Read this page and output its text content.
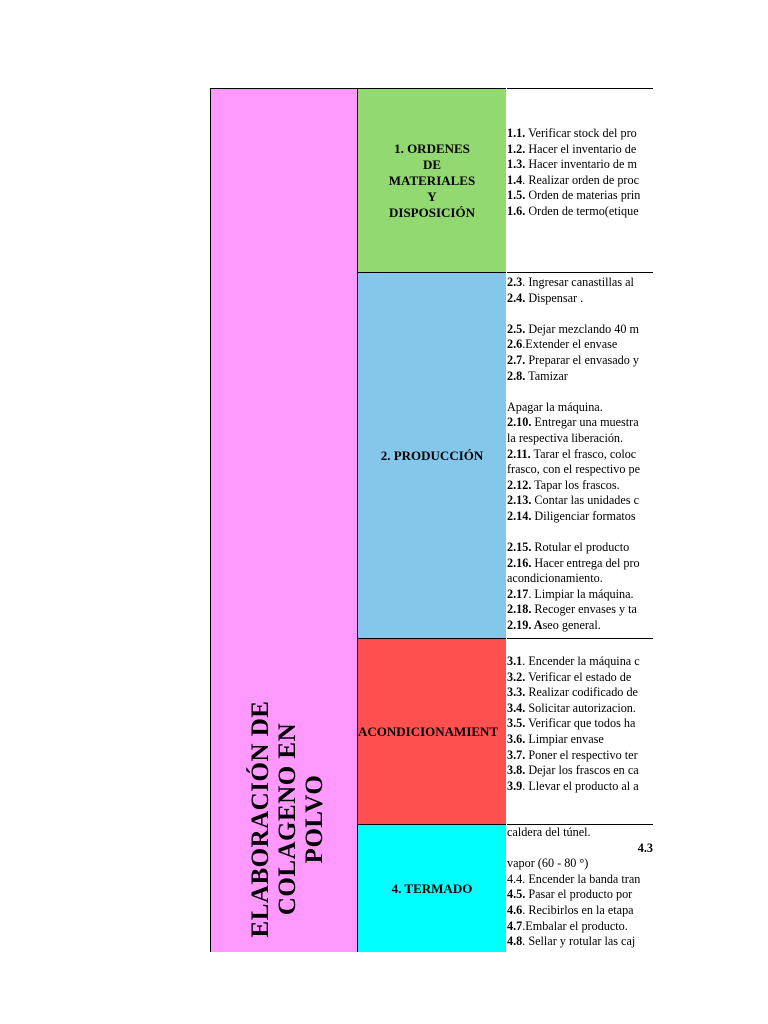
ELABORACIÓN DE COLAGENO EN POLVO
1. ORDENES
DE
MATERIALES
Y
DISPOSICIÓN
2. PRODUCCIÓN
ACONDICIONAMIENT
4. TERMADO
1.1. Verificar stock del pro
1.2. Hacer el inventario de
1.3. Hacer inventario de m
1.4. Realizar orden de proc
1.5. Orden de materias prin
1.6. Orden de termo(etique
2.3. Ingresar canastillas al
2.4. Dispensar .
2.5. Dejar mezclando 40 m
2.6.Extender el envase
2.7. Preparar el envasado y
2.8. Tamizar
Apagar la máquina.
2.10. Entregar una muestra
la respectiva liberación.
2.11. Tarar el frasco, coloc
frasco, con el respectivo pe
2.12. Tapar los frascos.
2.13. Contar las unidades c
2.14. Diligenciar formatos
2.15. Rotular el producto
2.16. Hacer entrega del pro
acondicionamiento.
2.17. Limpiar la máquina.
2.18. Recoger envases y ta
2.19. Aseo general.
3.1. Encender la máquina c
3.2. Verificar el estado de
3.3. Realizar codificado de
3.4. Solicitar autorizacion.
3.5. Verificar que todos ha
3.6. Limpiar envase
3.7. Poner el respectivo ter
3.8. Dejar los frascos en ca
3.9. Llevar el producto al a
caldera del túnel.
4.3
vapor (60 - 80 °)
4.4. Encender la banda tran
4.5. Pasar el producto por
4.6. Recibirlos en la etapa
4.7.Embalar el producto.
4.8. Sellar y rotular las caj
